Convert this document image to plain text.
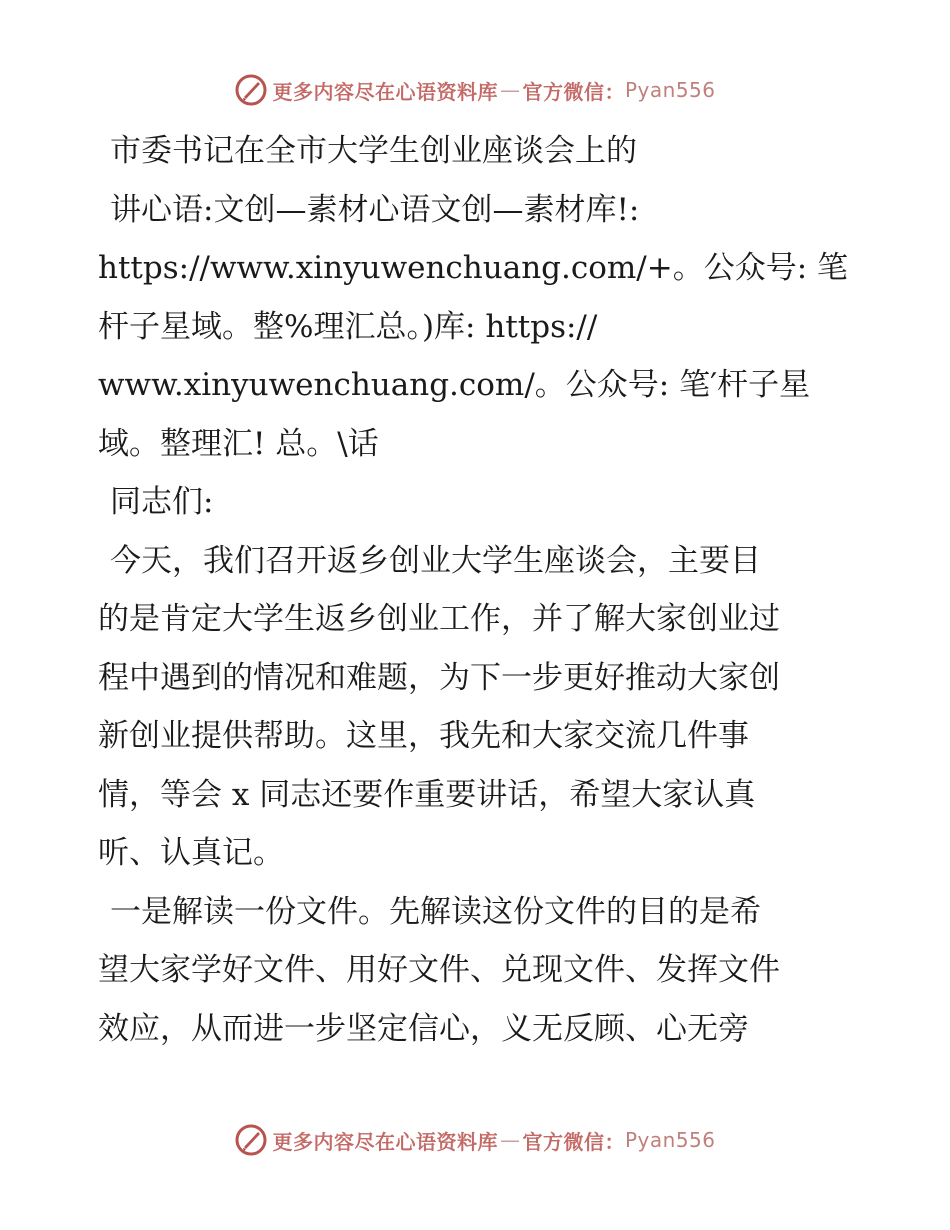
更多内容尽在心语资料库 — 官方微信： Pyan556
市委书记在全市大学生创业座谈会上的
讲心语:文创—素材心语文创—素材库!:
https://www.xinyuwenchuang.com/+。公众号: 笔
杆子星域。整%理汇总。)库: https://
www.xinyuwenchuang.com/。公众号: 笔′杆子星
域。整理汇! 总。\话
同志们:
今天，我们召开返乡创业大学生座谈会，主要目
的是肯定大学生返乡创业工作，并了解大家创业过
程中遇到的情况和难题，为下一步更好推动大家创
新创业提供帮助。这里，我先和大家交流几件事
情，等会 x 同志还要作重要讲话，希望大家认真
听、认真记。
一是解读一份文件。先解读这份文件的目的是希
望大家学好文件、用好文件、兑现文件、发挥文件
效应，从而进一步坚定信心，义无反顾、心无旁
更多内容尽在心语资料库 — 官方微信： Pyan556
